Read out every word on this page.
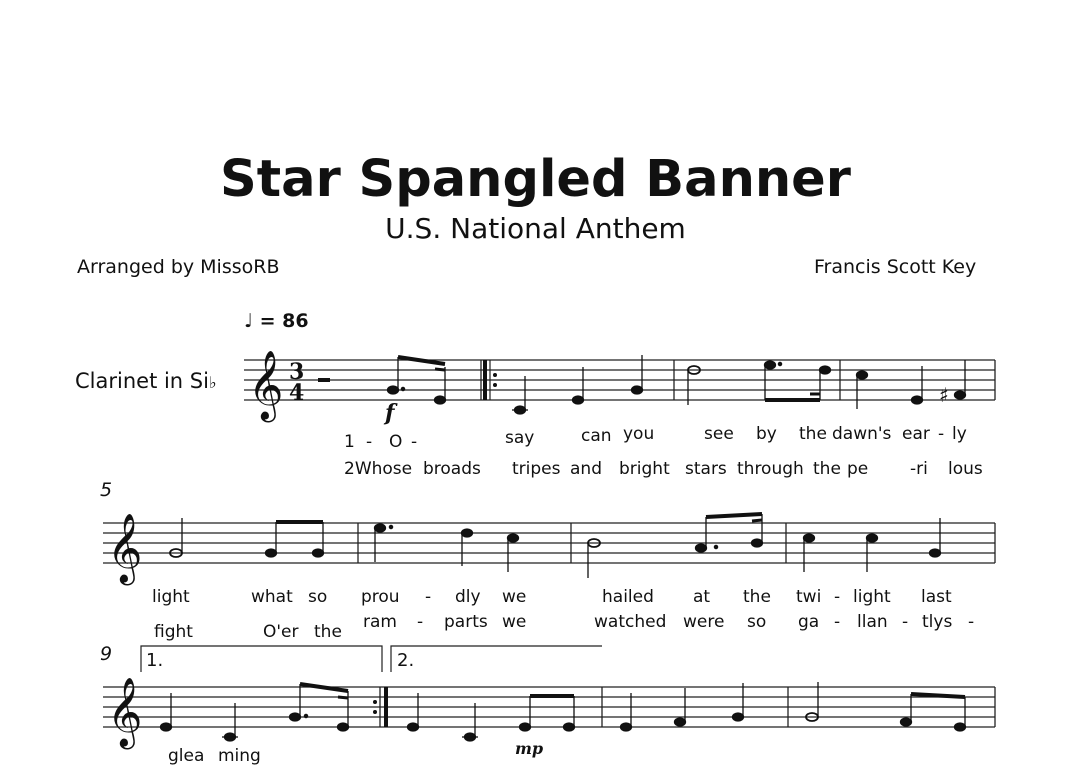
Star Spangled Banner
U.S. National Anthem
Arranged by MissoRB	Francis Scott Key
♩ = 86
Clarinet in Si♭ 𝄞
𝄞
𝄞
3
4	♯
f
mp
5
9 1.	2.
1 - O -	say	can you	see by the dawn's ear - ly
2Whose broads tripes and bright stars through the pe -ri lous
light	what so prou - dly we	hailed at the twi - light last
fight	O'er the ram - parts we	watched were so ga - llan - tlys -
glea ming
